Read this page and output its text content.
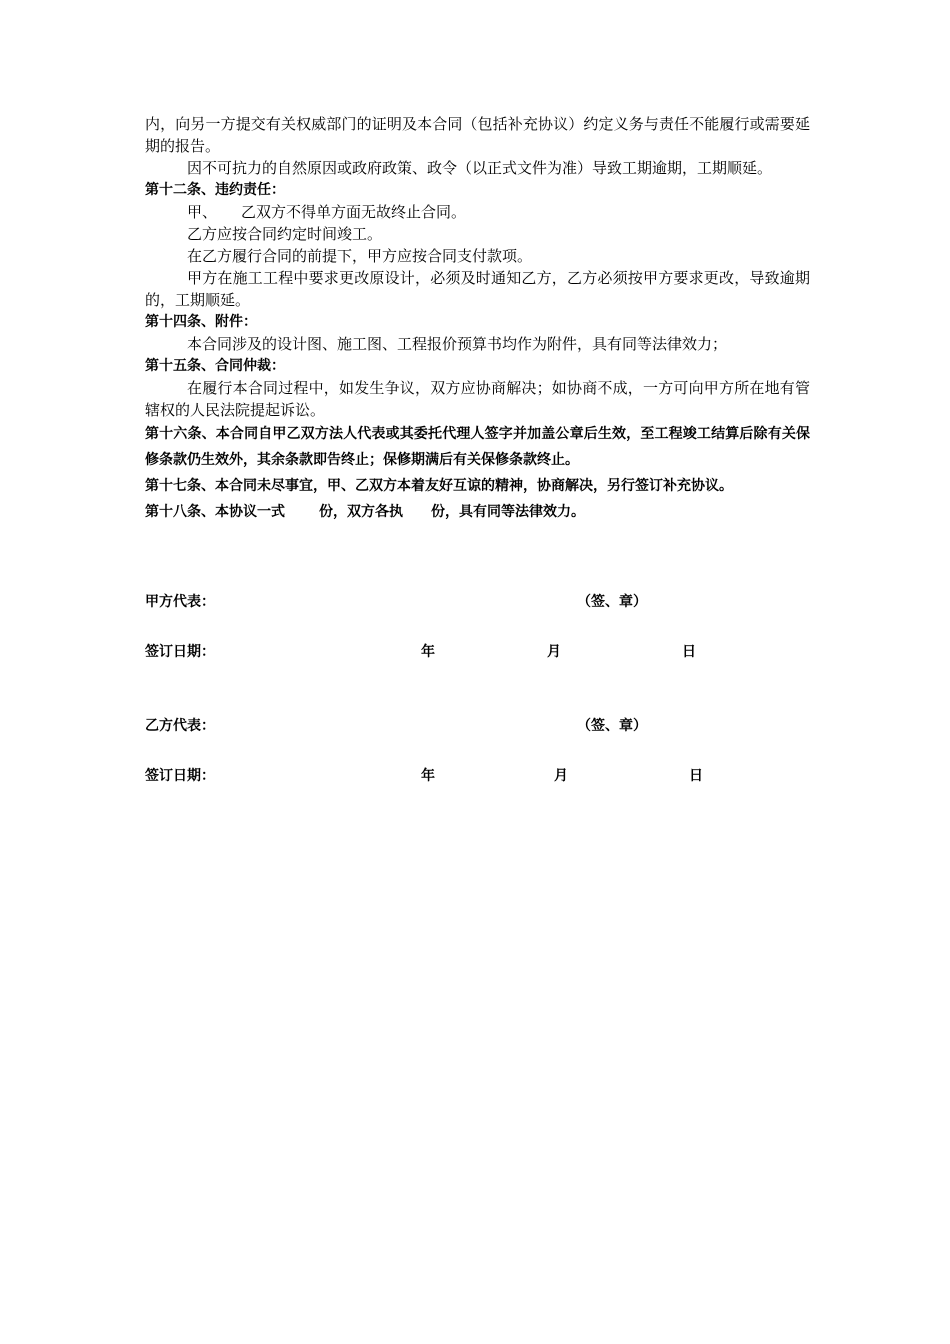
内，向另一方提交有关权威部门的证明及本合同（包括补充协议）约定义务与责任不能履行或需要延期的报告。

因不可抗力的自然原因或政府政策、政令（以正式文件为准）导致工期逾期，工期顺延。

第十二条、违约责任：

甲、 乙双方不得单方面无故终止合同。

乙方应按合同约定时间竣工。

在乙方履行合同的前提下，甲方应按合同支付款项。

甲方在施工工程中要求更改原设计，必须及时通知乙方，乙方必须按甲方要求更改，导致逾期的，工期顺延。

第十四条、附件：

本合同涉及的设计图、施工图、工程报价预算书均作为附件，具有同等法律效力；

第十五条、合同仲裁：

在履行本合同过程中，如发生争议，双方应协商解决；如协商不成，一方可向甲方所在地有管辖权的人民法院提起诉讼。

第十六条、本合同自甲乙双方法人代表或其委托代理人签字并加盖公章后生效，至工程竣工结算后除有关保修条款仍生效外，其余条款即告终止；保修期满后有关保修条款终止。

第十七条、本合同未尽事宜，甲、乙双方本着友好互谅的精神，协商解决，另行签订补充协议。

第十八条、本协议一式 份，双方各执 份，具有同等法律效力。

甲方代表：	（签、章）
签订日期：	年	月	日
乙方代表：	（签、章）
签订日期：	年	月	日
